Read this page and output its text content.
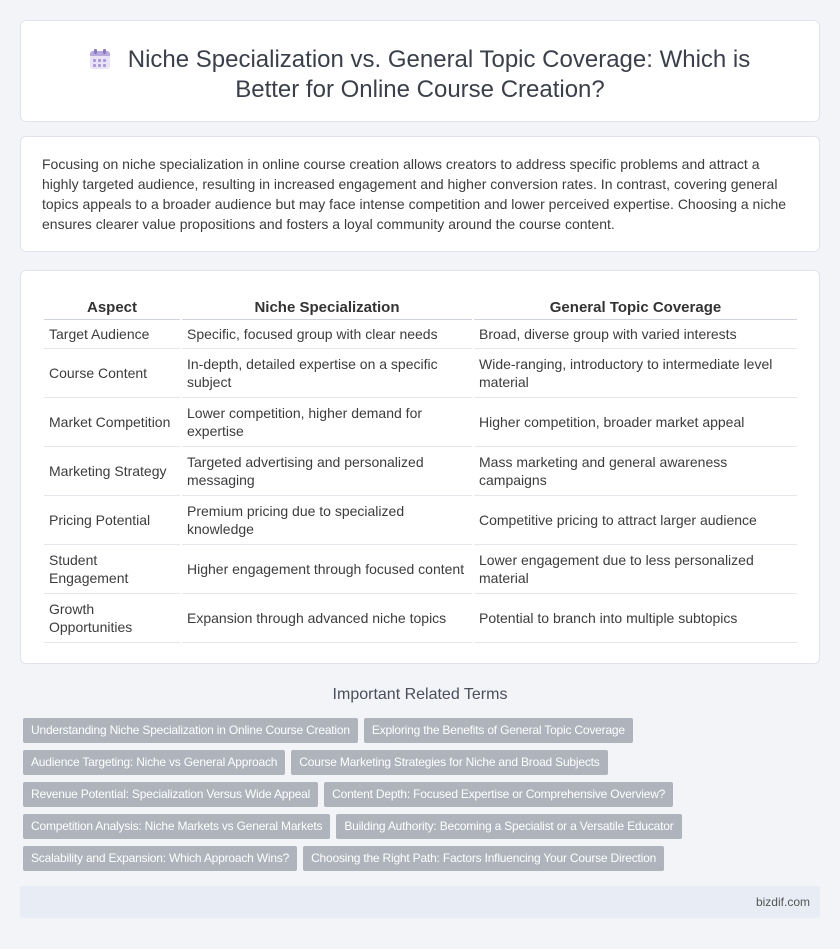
Niche Specialization vs. General Topic Coverage: Which is Better for Online Course Creation?

Focusing on niche specialization in online course creation allows creators to address specific problems and attract a highly targeted audience, resulting in increased engagement and higher conversion rates. In contrast, covering general topics appeals to a broader audience but may face intense competition and lower perceived expertise. Choosing a niche ensures clearer value propositions and fosters a loyal community around the course content.

Aspect	Niche Specialization	General Topic Coverage
Target Audience	Specific, focused group with clear needs	Broad, diverse group with varied interests
Course Content	In-depth, detailed expertise on a specific subject	Wide-ranging, introductory to intermediate level material
Market Competition	Lower competition, higher demand for expertise	Higher competition, broader market appeal
Marketing Strategy	Targeted advertising and personalized messaging	Mass marketing and general awareness campaigns
Pricing Potential	Premium pricing due to specialized knowledge	Competitive pricing to attract larger audience
Student Engagement	Higher engagement through focused content	Lower engagement due to less personalized material
Growth Opportunities	Expansion through advanced niche topics	Potential to branch into multiple subtopics
Important Related Terms
Understanding Niche Specialization in Online Course Creation Exploring the Benefits of General Topic Coverage
Audience Targeting: Niche vs General Approach Course Marketing Strategies for Niche and Broad Subjects
Revenue Potential: Specialization Versus Wide Appeal Content Depth: Focused Expertise or Comprehensive Overview?
Competition Analysis: Niche Markets vs General Markets Building Authority: Becoming a Specialist or a Versatile Educator
Scalability and Expansion: Which Approach Wins? Choosing the Right Path: Factors Influencing Your Course Direction
bizdif.com
